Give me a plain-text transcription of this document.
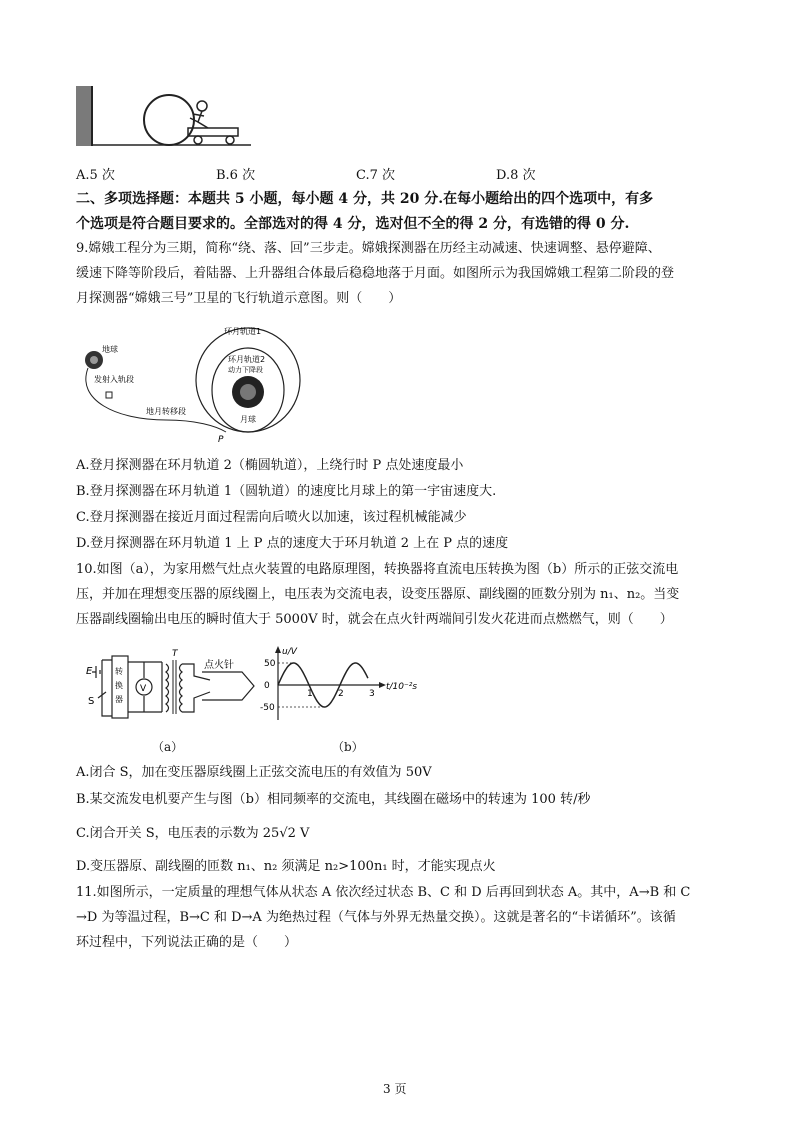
A.5 次	B.6 次	C.7 次	D.8 次
二、多项选择题：本题共 5 小题，每小题 4 分，共 20 分.在每小题给出的四个选项中，有多
个选项是符合题目要求的。全部选对的得 4 分，选对但不全的得 2 分，有选错的得 0 分.
9.嫦娥工程分为三期，简称“绕、落、回”三步走。嫦娥探测器在历经主动减速、快速调整、悬停避障、
缓速下降等阶段后，着陆器、上升器组合体最后稳稳地落于月面。如图所示为我国嫦娥工程第二阶段的登
月探测器“嫦娥三号”卫星的飞行轨道示意图。则（　　）
地球
发射入轨段
地月转移段
月球
环月轨道1
环月轨道2
动力下降段
P
A.登月探测器在环月轨道 2（椭圆轨道），上绕行时 P 点处速度最小
B.登月探测器在环月轨道 1（圆轨道）的速度比月球上的第一宇宙速度大.
C.登月探测器在接近月面过程需向后喷火以加速，该过程机械能减少
D.登月探测器在环月轨道 1 上 P 点的速度大于环月轨道 2 上在 P 点的速度
10.如图（a），为家用燃气灶点火装置的电路原理图，转换器将直流电压转换为图（b）所示的正弦交流电
压，并加在理想变压器的原线圈上，电压表为交流电表，设变压器原、副线圈的匝数分别为 n₁、n₂。当变
压器副线圈输出电压的瞬时值大于 5000V 时，就会在点火针两端间引发火花进而点燃燃气，则（　　）
E
S
转
换
器
V
T
点火针
（a）
u/V
t/10⁻²s
50
0
-50
1	2	3
（b）
A.闭合 S，加在变压器原线圈上正弦交流电压的有效值为 50V
B.某交流发电机要产生与图（b）相同频率的交流电，其线圈在磁场中的转速为 100 转/秒
C.闭合开关 S，电压表的示数为 25√2 V
D.变压器原、副线圈的匝数 n₁、n₂ 须满足 n₂>100n₁ 时，才能实现点火
11.如图所示，一定质量的理想气体从状态 A 依次经过状态 B、C 和 D 后再回到状态 A。其中，A→B 和 C
→D 为等温过程，B→C 和 D→A 为绝热过程（气体与外界无热量交换）。这就是著名的“卡诺循环”。该循
环过程中，下列说法正确的是（　　）
3 页
